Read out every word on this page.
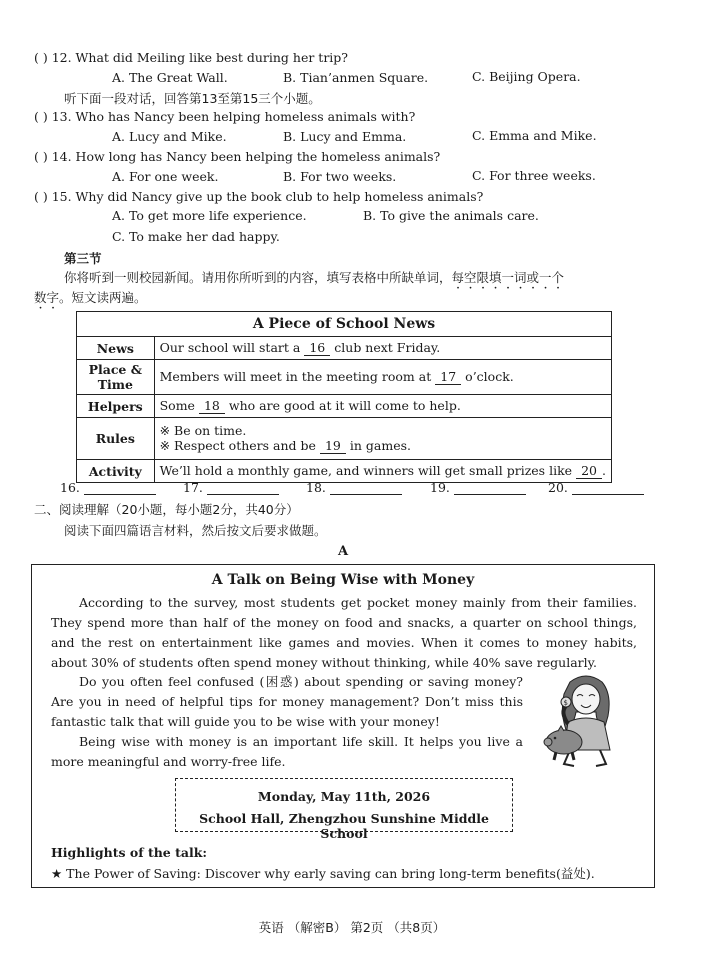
( ) 12. What did Meiling like best during her trip?
A. The Great Wall.	B. Tian’anmen Square.	C. Beijing Opera.
听下面一段对话，回答第13至第15三个小题。
( ) 13. Who has Nancy been helping homeless animals with?
A. Lucy and Mike.	B. Lucy and Emma.	C. Emma and Mike.
( ) 14. How long has Nancy been helping the homeless animals?
A. For one week.	B. For two weeks.	C. For three weeks.
( ) 15. Why did Nancy give up the book club to help homeless animals?
A. To get more life experience.	B. To give the animals care.
C. To make her dad happy.
第三节
你将听到一则校园新闻。请用你所听到的内容，填写表格中所缺单词，每空限填一词或一个
数字。短文读两遍。
A Piece of School News	
News	Our school will start a 16 club next Friday.
Place & Time	Members will meet in the meeting room at 17 o’clock.
Helpers	Some 18 who are good at it will come to help.
Rules	※ Be on time.
※ Respect others and be 19 in games.

Activity	We’ll hold a monthly game, and winners will get small prizes like 20 .
16.	17.	18.	19.	20.
二、阅读理解（20小题，每小题2分，共40分）
阅读下面四篇语言材料，然后按文后要求做题。
A
A Talk on Being Wise with Money

According to the survey, most students get pocket money mainly from their families. They spend more than half of the money on food and snacks, a quarter on school things, and the rest on entertainment like games and movies. When it comes to money habits, about 30% of students often spend money without thinking, while 40% save regularly.

Do you often feel confused (困惑) about spending or saving money? Are you in need of helpful tips for money management? Don’t miss this fantastic talk that will guide you to be wise with your money!

Being wise with money is an important life skill. It helps you live a more meaningful and worry-free life.

$
Monday, May 11th, 2026
School Hall, Zhengzhou Sunshine Middle School
Highlights of the talk:
★ The Power of Saving: Discover why early saving can bring long-term benefits(益处).
英语 （解密B） 第2页 （共8页）
